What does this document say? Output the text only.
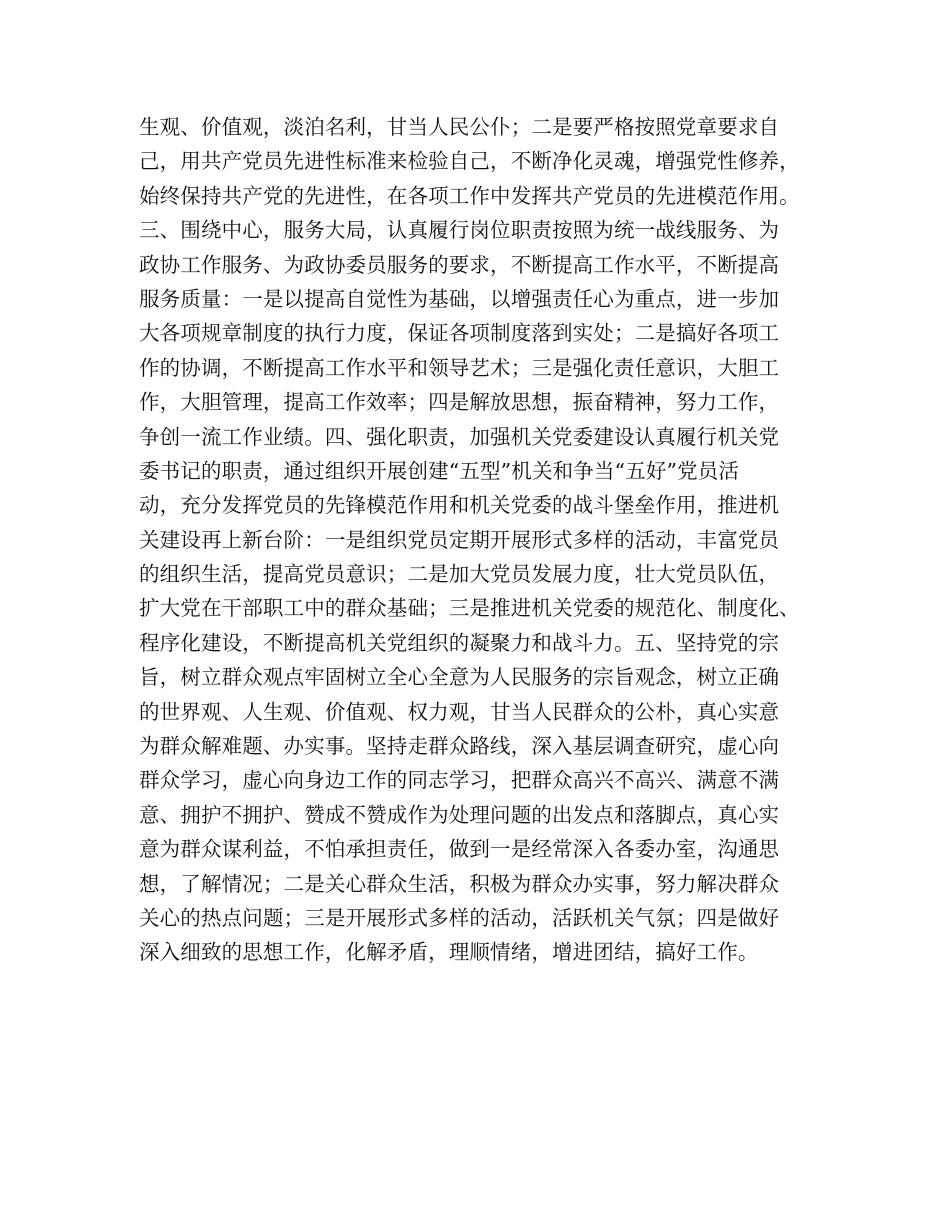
生观、价值观，淡泊名利，甘当人民公仆；二是要严格按照党章要求自
己，用共产党员先进性标准来检验自己，不断净化灵魂，增强党性修养，
始终保持共产党的先进性，在各项工作中发挥共产党员的先进模范作用。
三、围绕中心，服务大局，认真履行岗位职责按照为统一战线服务、为
政协工作服务、为政协委员服务的要求，不断提高工作水平，不断提高
服务质量：一是以提高自觉性为基础，以增强责任心为重点，进一步加
大各项规章制度的执行力度，保证各项制度落到实处；二是搞好各项工
作的协调，不断提高工作水平和领导艺术；三是强化责任意识，大胆工
作，大胆管理，提高工作效率；四是解放思想，振奋精神，努力工作，
争创一流工作业绩。四、强化职责，加强机关党委建设认真履行机关党
委书记的职责，通过组织开展创建“五型”机关和争当“五好”党员活
动，充分发挥党员的先锋模范作用和机关党委的战斗堡垒作用，推进机
关建设再上新台阶：一是组织党员定期开展形式多样的活动，丰富党员
的组织生活，提高党员意识；二是加大党员发展力度，壮大党员队伍，
扩大党在干部职工中的群众基础；三是推进机关党委的规范化、制度化、
程序化建设，不断提高机关党组织的凝聚力和战斗力。五、坚持党的宗
旨，树立群众观点牢固树立全心全意为人民服务的宗旨观念，树立正确
的世界观、人生观、价值观、权力观，甘当人民群众的公朴，真心实意
为群众解难题、办实事。坚持走群众路线，深入基层调查研究，虚心向
群众学习，虚心向身边工作的同志学习，把群众高兴不高兴、满意不满
意、拥护不拥护、赞成不赞成作为处理问题的出发点和落脚点，真心实
意为群众谋利益，不怕承担责任，做到一是经常深入各委办室，沟通思
想，了解情况；二是关心群众生活，积极为群众办实事，努力解决群众
关心的热点问题；三是开展形式多样的活动，活跃机关气氛；四是做好
深入细致的思想工作，化解矛盾，理顺情绪，增进团结，搞好工作。
